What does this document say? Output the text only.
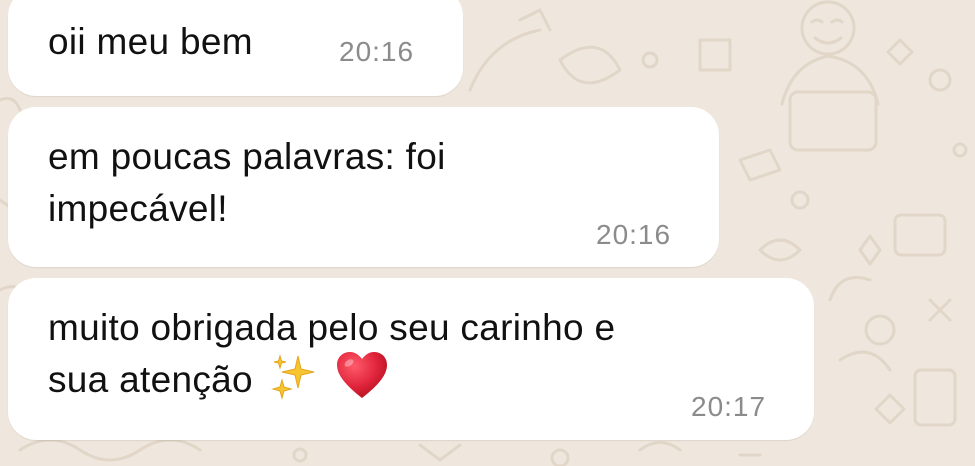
oii meu bem	20:16
em poucas palavras: foi
impecável!
20:16
muito obrigada pelo seu carinho e
sua atenção
20:17
